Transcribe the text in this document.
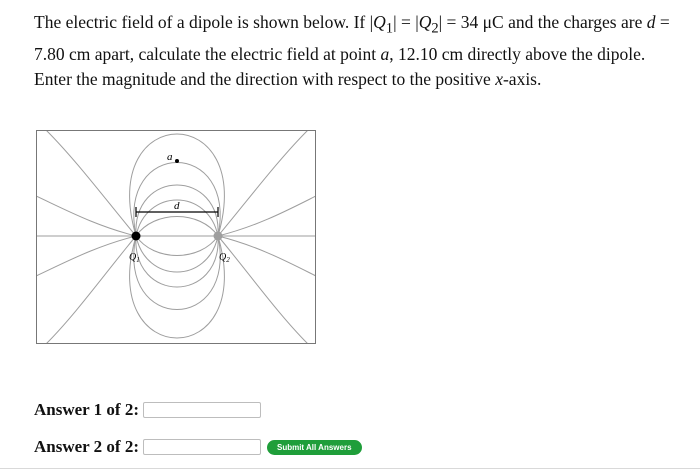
The electric field of a dipole is shown below. If $|Q_1| = |Q_2| = 34$ μC and the charges are d = 7.80 cm apart, calculate the electric field at point a, 12.10 cm directly above the dipole. Enter the magnitude and the direction with respect to the positive x-axis.
d
a
$Q_1$	$Q_2$
Answer 1 of 2:
Answer 2 of 2:	Submit All Answers
